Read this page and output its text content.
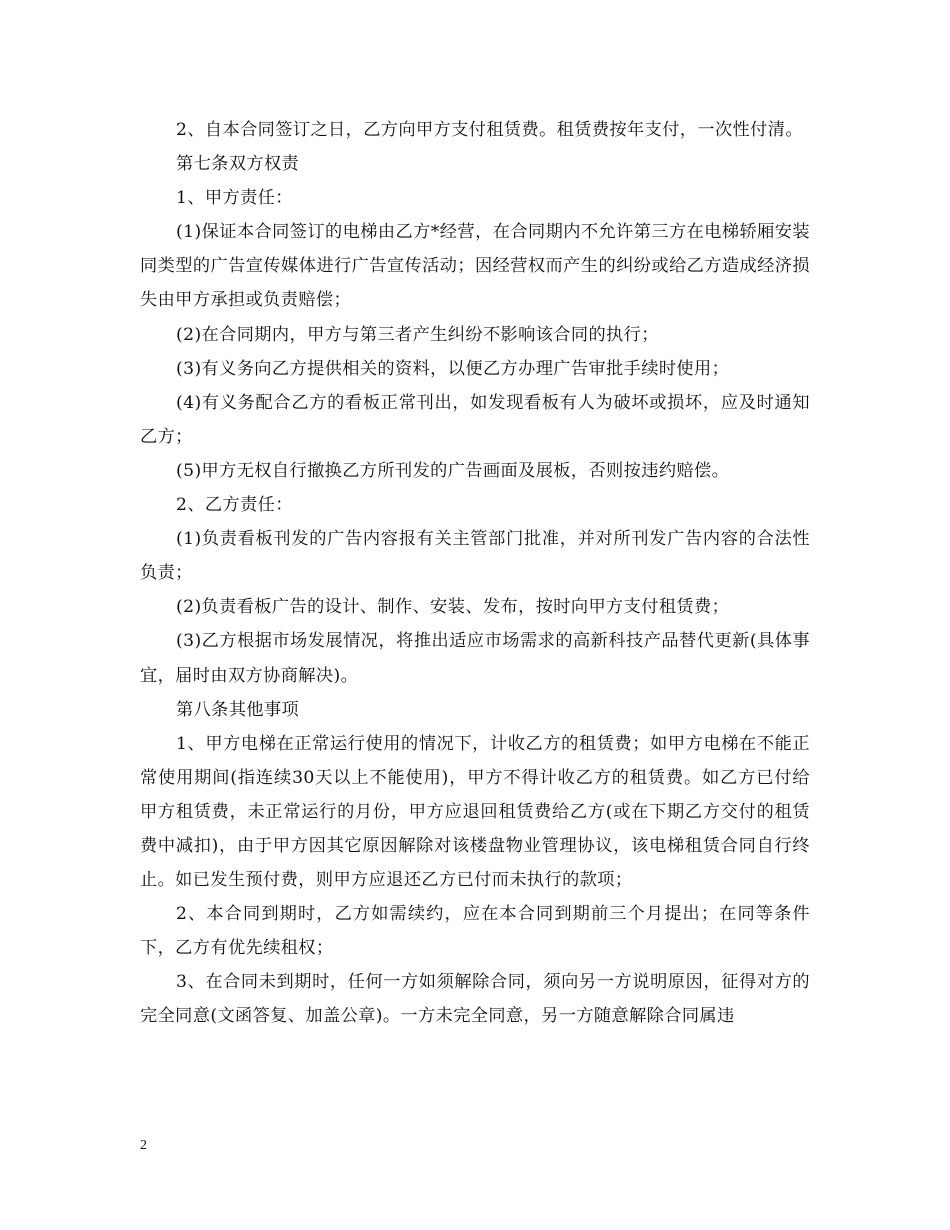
2、自本合同签订之日，乙方向甲方支付租赁费。租赁费按年支付，一次性付清。

第七条双方权责

1、甲方责任：

(1)保证本合同签订的电梯由乙方*经营，在合同期内不允许第三方在电梯轿厢安装同类型的广告宣传媒体进行广告宣传活动；因经营权而产生的纠纷或给乙方造成经济损失由甲方承担或负责赔偿；

(2)在合同期内，甲方与第三者产生纠纷不影响该合同的执行；

(3)有义务向乙方提供相关的资料，以便乙方办理广告审批手续时使用；

(4)有义务配合乙方的看板正常刊出，如发现看板有人为破坏或损坏，应及时通知乙方；

(5)甲方无权自行撤换乙方所刊发的广告画面及展板，否则按违约赔偿。

2、乙方责任：

(1)负责看板刊发的广告内容报有关主管部门批准，并对所刊发广告内容的合法性负责；

(2)负责看板广告的设计、制作、安装、发布，按时向甲方支付租赁费；

(3)乙方根据市场发展情况，将推出适应市场需求的高新科技产品替代更新(具体事宜，届时由双方协商解决)。

第八条其他事项

1、甲方电梯在正常运行使用的情况下，计收乙方的租赁费；如甲方电梯在不能正常使用期间(指连续30天以上不能使用)，甲方不得计收乙方的租赁费。如乙方已付给甲方租赁费，未正常运行的月份，甲方应退回租赁费给乙方(或在下期乙方交付的租赁费中减扣)，由于甲方因其它原因解除对该楼盘物业管理协议，该电梯租赁合同自行终止。如已发生预付费，则甲方应退还乙方已付而未执行的款项；

2、本合同到期时，乙方如需续约，应在本合同到期前三个月提出；在同等条件下，乙方有优先续租权；

3、在合同未到期时，任何一方如须解除合同，须向另一方说明原因，征得对方的完全同意(文函答复、加盖公章)。一方未完全同意，另一方随意解除合同属违

2
